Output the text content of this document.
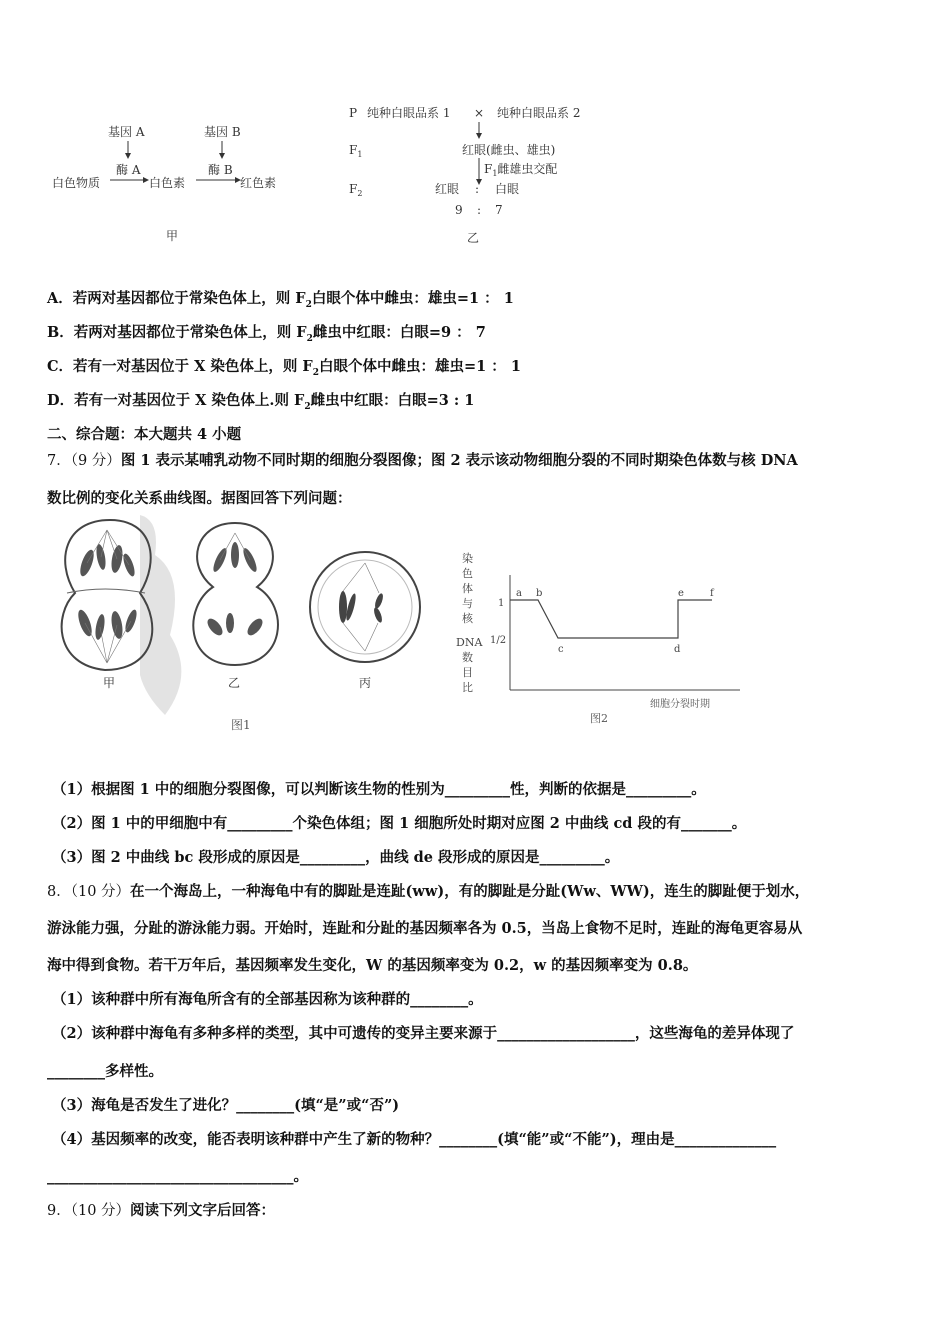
基因 A	基因 B
酶 A	酶 B
白色物质	白色素	红色素
甲
P 纯种白眼品系 1 × 纯种白眼品系 2
$F_1$	红眼(雌虫、雄虫)
$F_1$雌雄虫交配
$F_2$	红眼 : 白眼
9 : 7
乙
A．若两对基因都位于常染色体上，则 $F_2$白眼个体中雌虫：雄虫=1 ： 1
B．若两对基因都位于常染色体上，则 $F_2$雌虫中红眼：白眼=9 ： 7
C．若有一对基因位于 X 染色体上，则 $F_2$白眼个体中雌虫：雄虫=1 ： 1
D．若有一对基因位于 X 染色体上.则 $F_2$雌虫中红眼：白眼=3 : 1
二、综合题：本大题共 4 小题
7．（9 分）图 1 表示某哺乳动物不同时期的细胞分裂图像；图 2 表示该动物细胞分裂的不同时期染色体数与核 DNA
数比例的变化关系曲线图。据图回答下列问题：
甲	乙	丙
图1
染
色
体
与
核
DNA
数
目
比
1
1/2
a b
c	d
e	f
细胞分裂时期
图2
（1）根据图 1 中的细胞分裂图像，可以判断该生物的性别为_________性，判断的依据是_________。
（2）图 1 中的甲细胞中有_________个染色体组；图 1 细胞所处时期对应图 2 中曲线 cd 段的有_______。
（3）图 2 中曲线 bc 段形成的原因是_________，曲线 de 段形成的原因是_________。
8．（10 分）在一个海岛上，一种海龟中有的脚趾是连趾(ww)，有的脚趾是分趾(Ww、WW)，连生的脚趾便于划水，
游泳能力强，分趾的游泳能力弱。开始时，连趾和分趾的基因频率各为 0.5，当岛上食物不足时，连趾的海龟更容易从
海中得到食物。若干万年后，基因频率发生变化，W 的基因频率变为 0.2，w 的基因频率变为 0.8。
（1）该种群中所有海龟所含有的全部基因称为该种群的________。
（2）该种群中海龟有多种多样的类型，其中可遗传的变异主要来源于___________________，这些海龟的差异体现了
________多样性。
（3）海龟是否发生了进化？________(填“是”或“否”)
（4）基因频率的改变，能否表明该种群中产生了新的物种？________(填“能”或“不能”)，理由是______________
__________________________________。
9．（10 分）阅读下列文字后回答：
